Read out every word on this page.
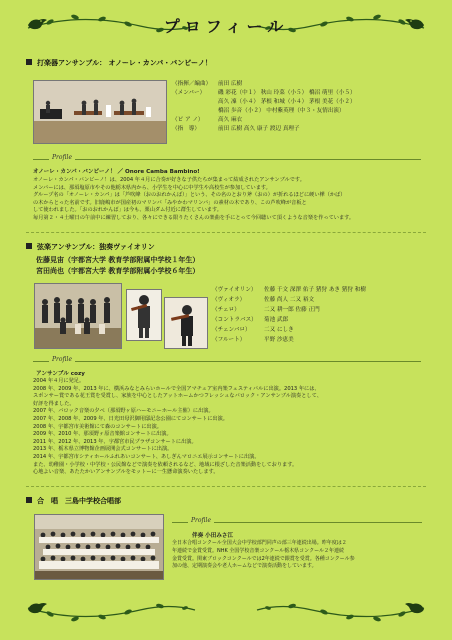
プロフィール
打楽器アンサンブル： オノーレ・カンパ・バンビーノ！
（指揮／編曲） 前田 広樹
（メンバー） 磯 彩花（中１） 秋山 玲菜（小５） 橋沼 萌里（小５）
高久 凜（小４） 茅根 和城（小４） 茅根 美花（小２）
橋沼 歩音（小２） 中村紫英理（中３・友情出演）
（ピ ア ノ）	高久 麻衣
（指　導）	前田 広樹 高久 康子 渡辺 真理子
Profile
オノーレ・カンパ・バンビーノ！ ／ Onore Camba Bambino!

オノーレ・カンパ・バンビーノ！は、2004 年４月に合奏が好きな子供たちが集まって結成されたアンサンブルです。

メンバーには、那須塩原市やその他栃木県内から、小学生を中心に中学生や高校生が参加しています。

グループ名の「オノーレ・カンパ」は「芦吹峰（おのおれかんば）」という、その名のとおり斧（おの）が折れるほどに硬い樺（かば）

の木からとった名前です。旧鹿嶋市が国産初のマリンバ「みやかわマリンバ」の素材の木であり、この芦吹峰が音板と

して使われました。「おのおれかんば」は今も、栗山ダム付近に群生しています。

毎月第２・４土曜日の午前中に練習しており、各々にできる限りたくさんの楽曲を手にとって今回聴いて頂くような音楽を作っています。

弦楽アンサンブル：独奏ヴァイオリン
佐藤見宙（宇都宮大学 教育学部附属中学校１年生）
宮田尚也（宇都宮大学 教育学部附属小学校６年生）
（ヴァイオリン） 佐藤 千文 深澤 佑子 猪狩 あき 猪狩 和樹
（ヴィオラ）	佐藤 尚人 二又 裕文
（チェロ）	二又 耕一郎 佐藤 正門
（コントラバス） 菊池 武郎
（チェンバロ） 二又 にしき
（フルート）	平野 沙恵美
Profile
アンサンブル cozy

2004 年４月に発足。

2008 年、2009 年、2013 年に、横浜みなとみらいホールで全国アマチュア室内楽フェスティバルに出演。2013 年には、

スポンサー賞である花王賞を受賞し、家族を中心としたアットホームかつフレッシュなバロック・アンサンブル演奏として、

好評を得ました。

2007 年、バロック音楽の夕べ（那須野ヶ原ハーモニーホール主催）に出演。

2007 年、2008 年、2009 年、日光田母沢御用邸記念公園にてコンサートに出演。

2008 年、宇都宮市美術館にて森のコンサートに出演。

2009 年、2010 年、那須野ヶ原音楽館コンサートに出演。

2011 年、2012 年、2013 年、宇都宮市民プラザコンサートに出演。

2013 年、栃木県立博物館企画展開会式コンサートに出演。

2014 年、宇都宮市シティホールふれあいコンサート、あしぎんマロニエ展示コンサートに出演。

また、幼稚園・小学校・中学校・公民館などで演奏を依頼されるなど、地域に根ざした音楽活動をしております。

心地よい音楽、あたたかいアンサンブルをモットーに一生懸命演奏いたします。

合　唱　三島中学校合唱部
Profile
伴奏 小田みさ江

全日本合唱コンクール全国大会中学校部門同声の部三年連続出場。昨年度は２

年連続で金賞受賞。NHK 全国学校音楽コンクール栃木県コンクール２年連続

金賞受賞。関東ブロックコンクールでは2年連続で銀賞を受賞。各種コンクール参

加の他、定期演奏会や老人ホームなどで演奏活動をしています。
